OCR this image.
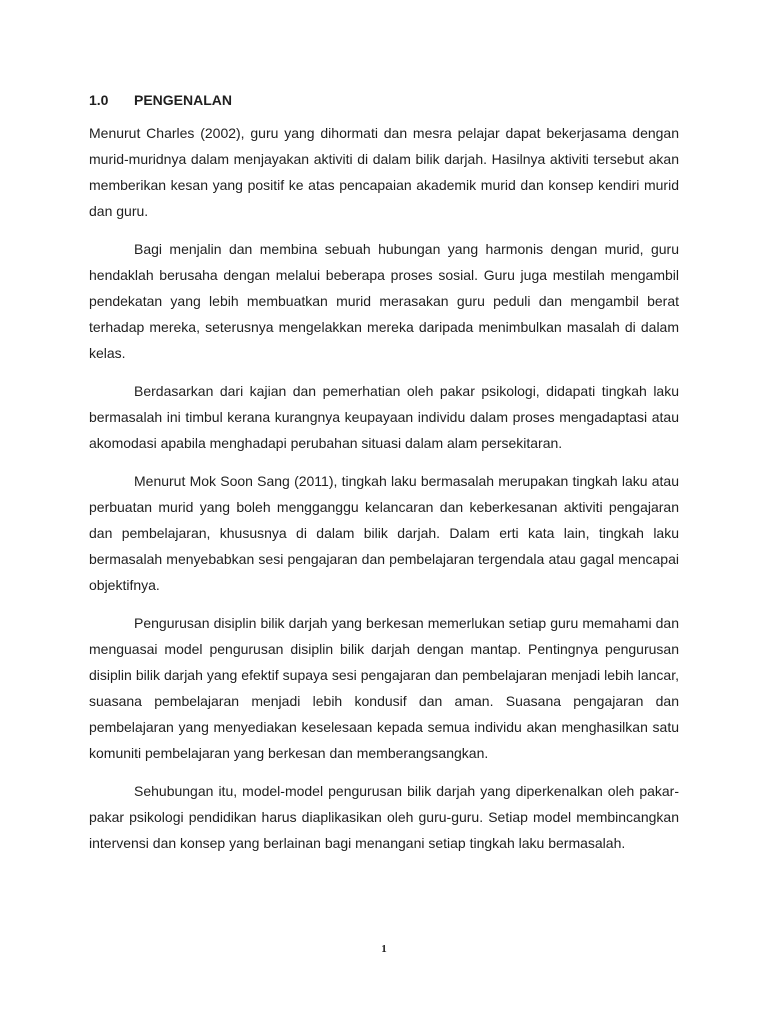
1.0	PENGENALAN

Menurut Charles (2002), guru yang dihormati dan mesra pelajar dapat bekerjasama dengan murid-muridnya dalam menjayakan aktiviti di dalam bilik darjah. Hasilnya aktiviti tersebut akan memberikan kesan yang positif ke atas pencapaian akademik murid dan konsep kendiri murid dan guru.

Bagi menjalin dan membina sebuah hubungan yang harmonis dengan murid, guru hendaklah berusaha dengan melalui beberapa proses sosial. Guru juga mestilah mengambil pendekatan yang lebih membuatkan murid merasakan guru peduli dan mengambil berat terhadap mereka, seterusnya mengelakkan mereka daripada menimbulkan masalah di dalam kelas.

Berdasarkan dari kajian dan pemerhatian oleh pakar psikologi, didapati tingkah laku bermasalah ini timbul kerana kurangnya keupayaan individu dalam proses mengadaptasi atau akomodasi apabila menghadapi perubahan situasi dalam alam persekitaran.

Menurut Mok Soon Sang (2011), tingkah laku bermasalah merupakan tingkah laku atau perbuatan murid yang boleh mengganggu kelancaran dan keberkesanan aktiviti pengajaran dan pembelajaran, khususnya di dalam bilik darjah. Dalam erti kata lain, tingkah laku bermasalah menyebabkan sesi pengajaran dan pembelajaran tergendala atau gagal mencapai objektifnya.

Pengurusan disiplin bilik darjah yang berkesan memerlukan setiap guru memahami dan menguasai model pengurusan disiplin bilik darjah dengan mantap. Pentingnya pengurusan disiplin bilik darjah yang efektif supaya sesi pengajaran dan pembelajaran menjadi lebih lancar, suasana pembelajaran menjadi lebih kondusif dan aman. Suasana pengajaran dan pembelajaran yang menyediakan keselesaan kepada semua individu akan menghasilkan satu komuniti pembelajaran yang berkesan dan memberangsangkan.

Sehubungan itu, model-model pengurusan bilik darjah yang diperkenalkan oleh pakar-pakar psikologi pendidikan harus diaplikasikan oleh guru-guru. Setiap model membincangkan intervensi dan konsep yang berlainan bagi menangani setiap tingkah laku bermasalah.

1
